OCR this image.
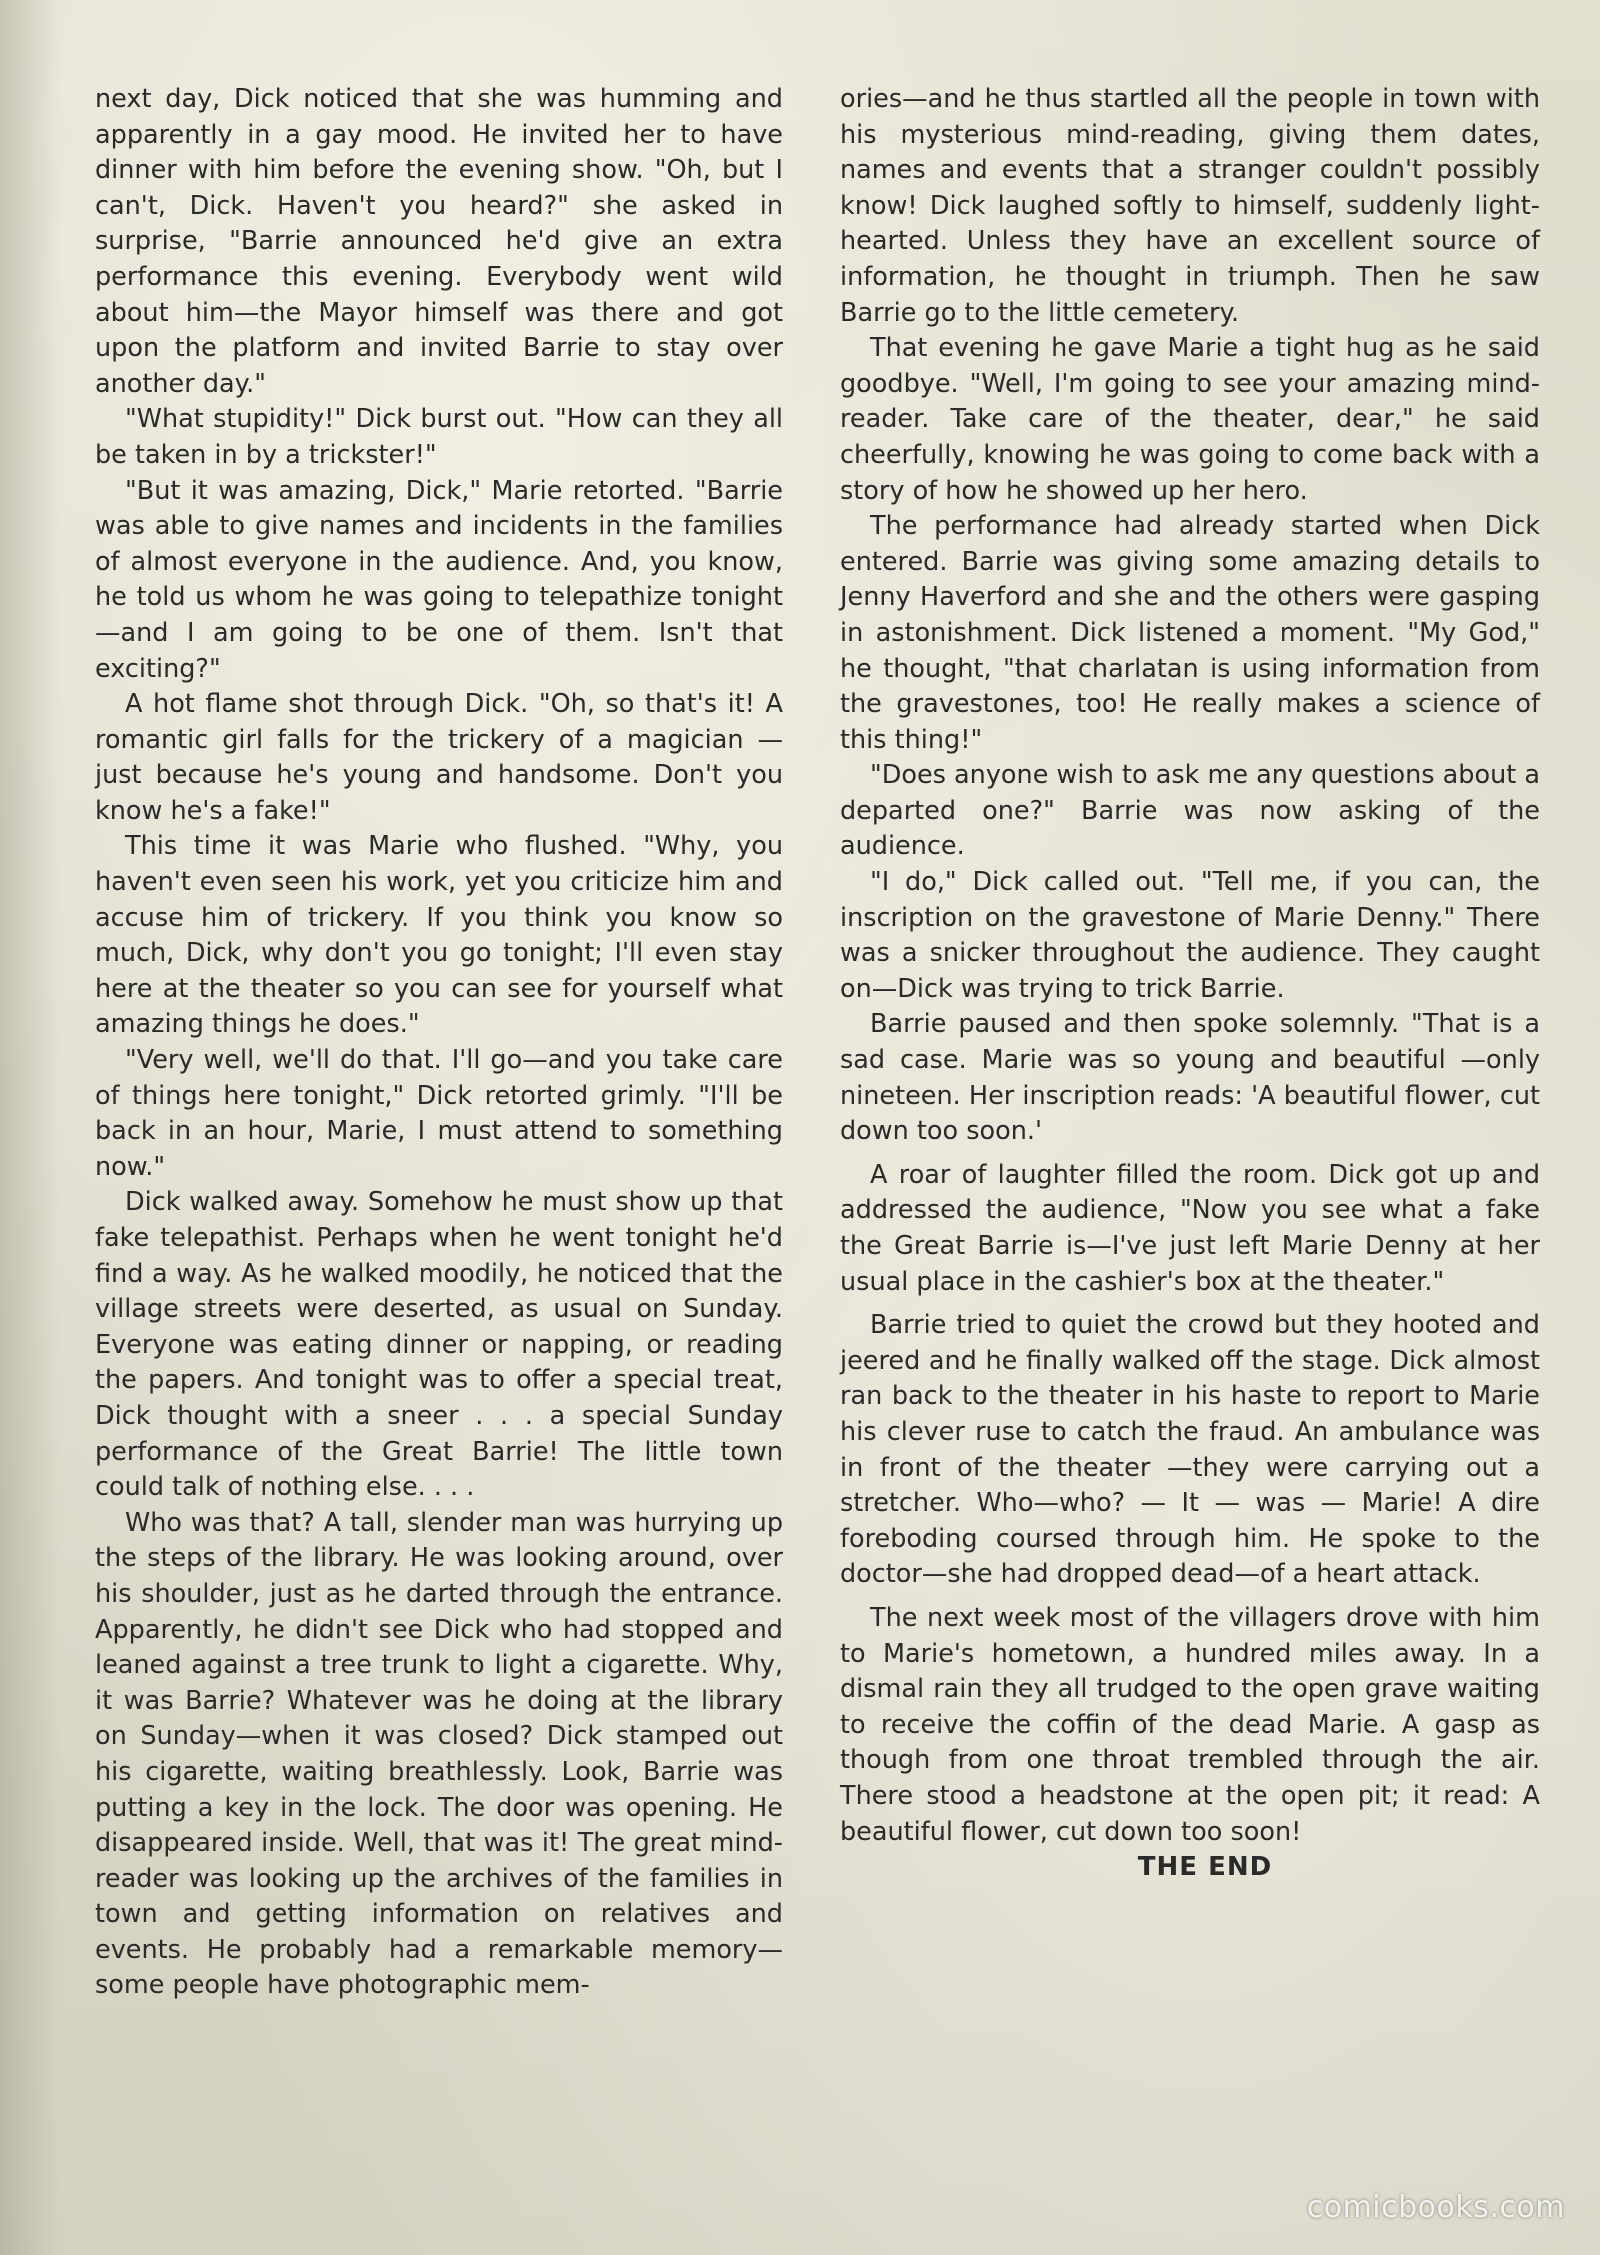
next day, Dick noticed that she was humming and apparently in a gay mood. He invited her to have dinner with him before the evening show. "Oh, but I can't, Dick. Haven't you heard?" she asked in surprise, "Barrie announced he'd give an extra performance this evening. Everybody went wild about him—the Mayor himself was there and got upon the platform and invited Barrie to stay over another day."

"What stupidity!" Dick burst out. "How can they all be taken in by a trickster!"

"But it was amazing, Dick," Marie retorted. "Barrie was able to give names and incidents in the families of almost everyone in the audience. And, you know, he told us whom he was going to telepathize tonight—and I am going to be one of them. Isn't that exciting?"

A hot flame shot through Dick. "Oh, so that's it! A romantic girl falls for the trickery of a magician — just because he's young and handsome. Don't you know he's a fake!"

This time it was Marie who flushed. "Why, you haven't even seen his work, yet you criticize him and accuse him of trickery. If you think you know so much, Dick, why don't you go tonight; I'll even stay here at the theater so you can see for yourself what amazing things he does."

"Very well, we'll do that. I'll go—and you take care of things here tonight," Dick retorted grimly. "I'll be back in an hour, Marie, I must attend to something now."

Dick walked away. Somehow he must show up that fake telepathist. Perhaps when he went tonight he'd find a way. As he walked moodily, he noticed that the village streets were deserted, as usual on Sunday. Everyone was eating dinner or napping, or reading the papers. And tonight was to offer a special treat, Dick thought with a sneer . . . a special Sunday performance of the Great Barrie! The little town could talk of nothing else. . . .

Who was that? A tall, slender man was hurrying up the steps of the library. He was looking around, over his shoulder, just as he darted through the entrance. Apparently, he didn't see Dick who had stopped and leaned against a tree trunk to light a cigarette. Why, it was Barrie? Whatever was he doing at the library on Sunday—when it was closed? Dick stamped out his cigarette, waiting breathlessly. Look, Barrie was putting a key in the lock. The door was opening. He disappeared inside. Well, that was it! The great mind-reader was looking up the archives of the families in town and getting information on relatives and events. He probably had a remarkable memory—some people have photographic mem-

ories—and he thus startled all the people in town with his mysterious mind-reading, giving them dates, names and events that a stranger couldn't possibly know! Dick laughed softly to himself, suddenly light-hearted. Unless they have an excellent source of information, he thought in triumph. Then he saw Barrie go to the little cemetery.

That evening he gave Marie a tight hug as he said goodbye. "Well, I'm going to see your amazing mind-reader. Take care of the theater, dear," he said cheerfully, knowing he was going to come back with a story of how he showed up her hero.

The performance had already started when Dick entered. Barrie was giving some amazing details to Jenny Haverford and she and the others were gasping in astonishment. Dick listened a moment. "My God," he thought, "that charlatan is using information from the gravestones, too! He really makes a science of this thing!"

"Does anyone wish to ask me any questions about a departed one?" Barrie was now asking of the audience.

"I do," Dick called out. "Tell me, if you can, the inscription on the gravestone of Marie Denny." There was a snicker throughout the audience. They caught on—Dick was trying to trick Barrie.

Barrie paused and then spoke solemnly. "That is a sad case. Marie was so young and beautiful —only nineteen. Her inscription reads: 'A beautiful flower, cut down too soon.'

A roar of laughter filled the room. Dick got up and addressed the audience, "Now you see what a fake the Great Barrie is—I've just left Marie Denny at her usual place in the cashier's box at the theater."

Barrie tried to quiet the crowd but they hooted and jeered and he finally walked off the stage. Dick almost ran back to the theater in his haste to report to Marie his clever ruse to catch the fraud. An ambulance was in front of the theater —they were carrying out a stretcher. Who—who? — It — was — Marie! A dire foreboding coursed through him. He spoke to the doctor—she had dropped dead—of a heart attack.

The next week most of the villagers drove with him to Marie's hometown, a hundred miles away. In a dismal rain they all trudged to the open grave waiting to receive the coffin of the dead Marie. A gasp as though from one throat trembled through the air. There stood a headstone at the open pit; it read: A beautiful flower, cut down too soon!

THE END

comicbooks.com
